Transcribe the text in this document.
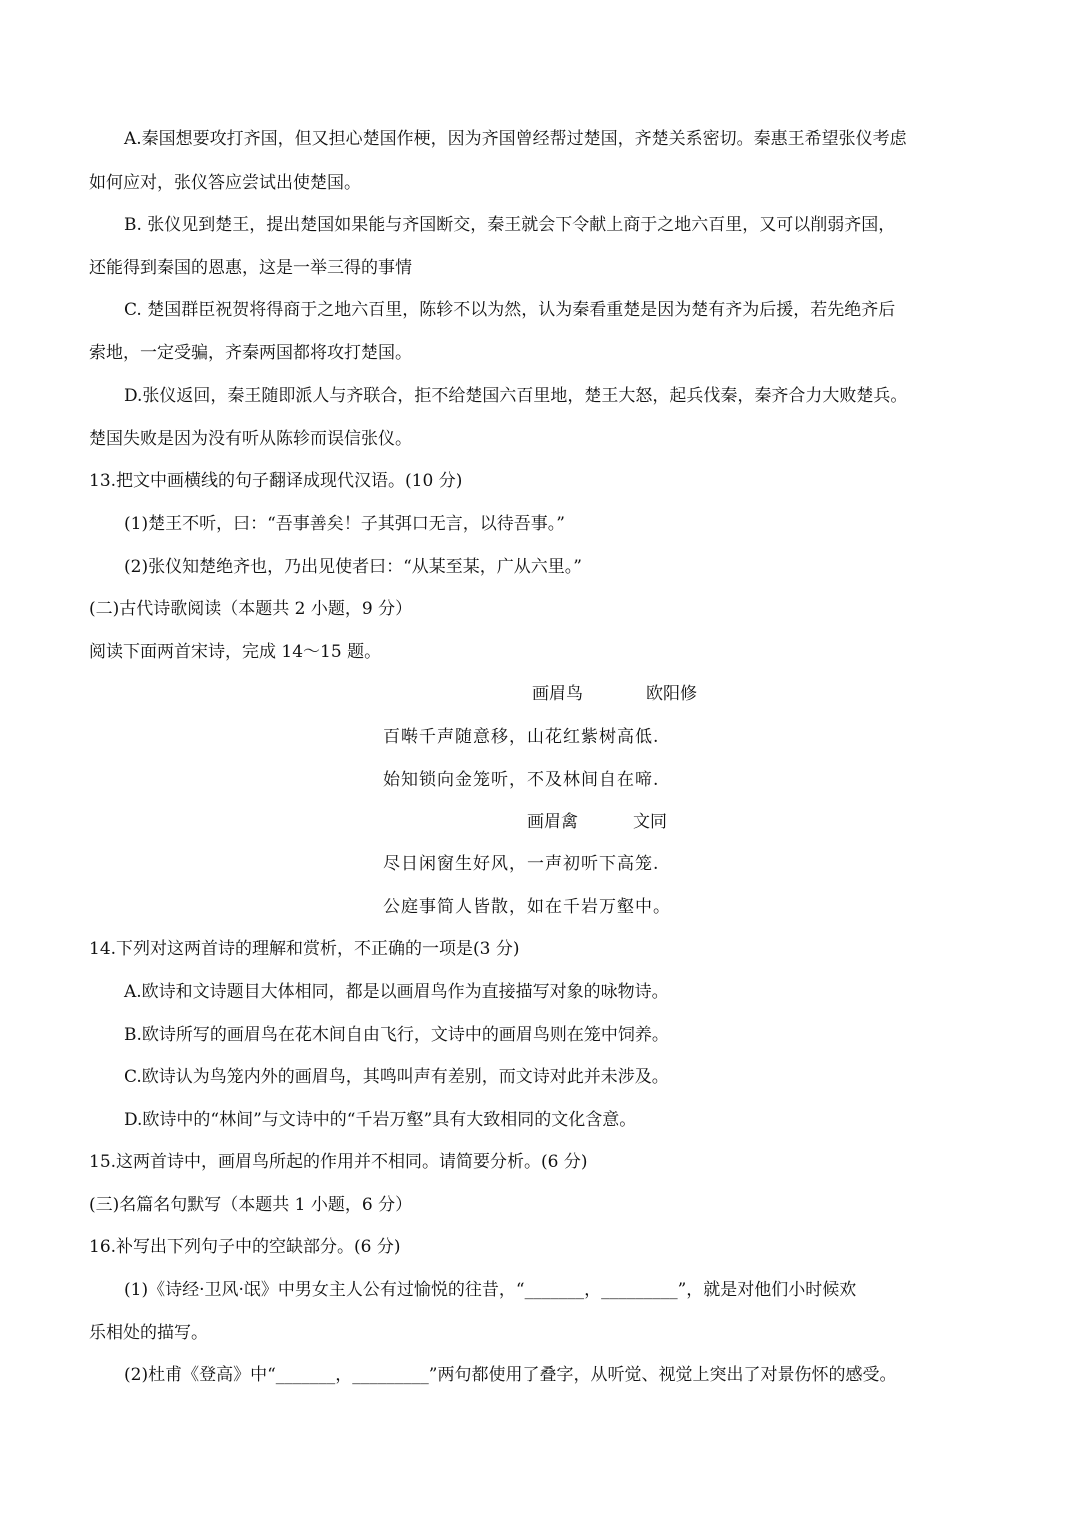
A.秦国想要攻打齐国，但又担心楚国作梗，因为齐国曾经帮过楚国，齐楚关系密切。秦惠王希望张仪考虑
如何应对，张仪答应尝试出使楚国。
B. 张仪见到楚王，提出楚国如果能与齐国断交，秦王就会下令献上商于之地六百里，又可以削弱齐国，
还能得到秦国的恩惠，这是一举三得的事情
C. 楚国群臣祝贺将得商于之地六百里，陈轸不以为然，认为秦看重楚是因为楚有齐为后援，若先绝齐后
索地，一定受骗，齐秦两国都将攻打楚国。
D.张仪返回，秦王随即派人与齐联合，拒不给楚国六百里地，楚王大怒，起兵伐秦，秦齐合力大败楚兵。
楚国失败是因为没有听从陈轸而误信张仪。
13.把文中画横线的句子翻译成现代汉语。(10 分)
(1)楚王不听，曰：“吾事善矣！子其弭口无言，以待吾事。”
(2)张仪知楚绝齐也，乃出见使者曰：“从某至某，广从六里。”
(二)古代诗歌阅读（本题共 2 小题，9 分）
阅读下面两首宋诗，完成 14～15 题。
画眉鸟	欧阳修
百啭千声随意移，山花红紫树高低.
始知锁向金笼听，不及林间自在啼.
画眉禽	文同
尽日闲窗生好风，一声初听下高笼.
公庭事简人皆散，如在千岩万壑中。
14.下列对这两首诗的理解和赏析，不正确的一项是(3 分)
A.欧诗和文诗题目大体相同，都是以画眉鸟作为直接描写对象的咏物诗。
B.欧诗所写的画眉鸟在花木间自由飞行，文诗中的画眉鸟则在笼中饲养。
C.欧诗认为鸟笼内外的画眉鸟，其鸣叫声有差别，而文诗对此并未涉及。
D.欧诗中的“林间”与文诗中的“千岩万壑”具有大致相同的文化含意。
15.这两首诗中，画眉鸟所起的作用并不相同。请简要分析。(6 分)
(三)名篇名句默写（本题共 1 小题，6 分）
16.补写出下列句子中的空缺部分。(6 分)
(1)《诗经·卫风·氓》中男女主人公有过愉悦的往昔，“_______，_________”，就是对他们小时候欢
乐相处的描写。
(2)杜甫《登高》中“_______，_________”两句都使用了叠字，从听觉、视觉上突出了对景伤怀的感受。
